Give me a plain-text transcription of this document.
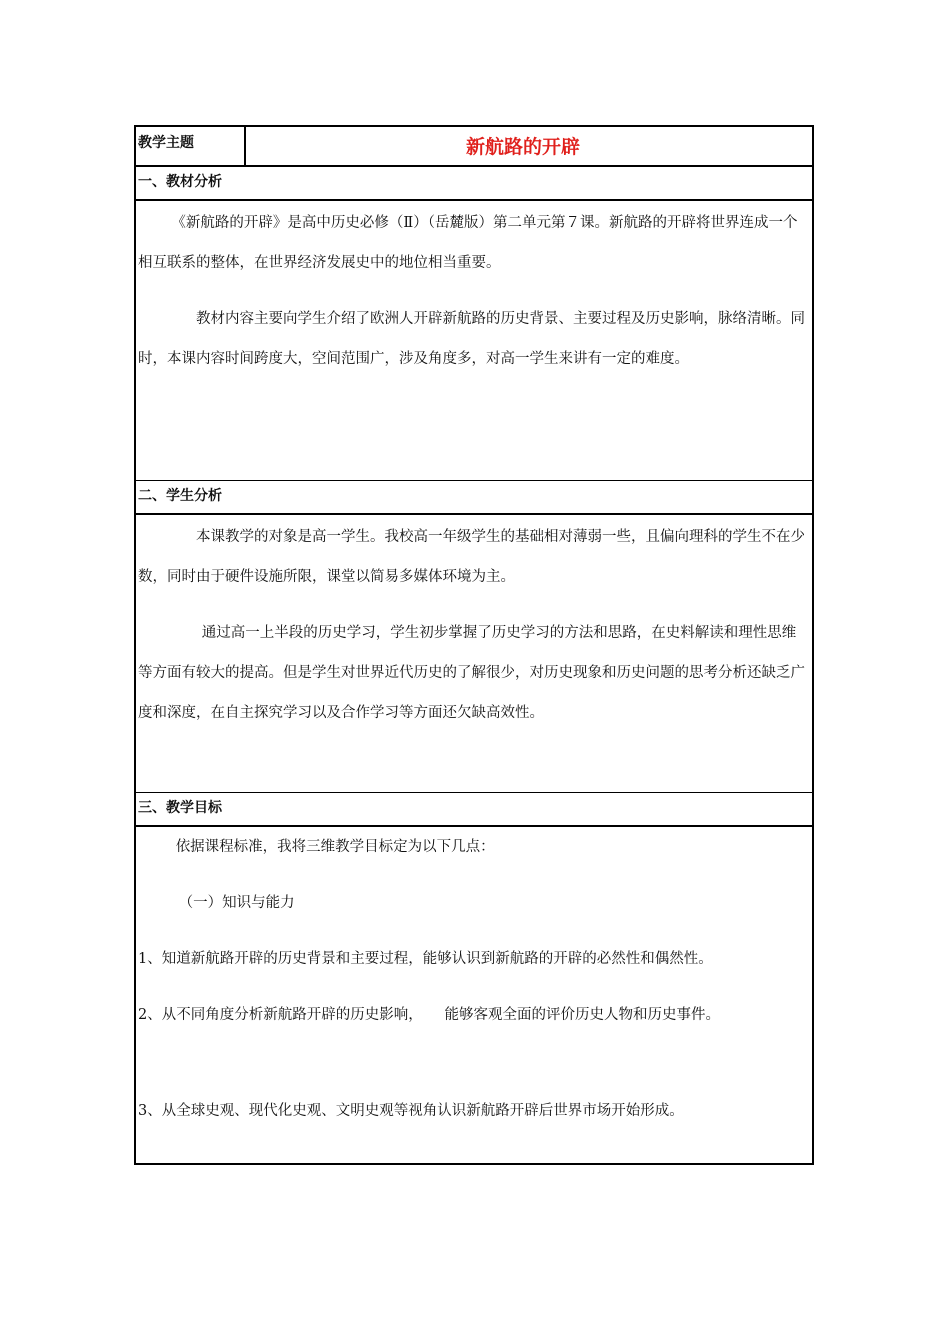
教学主题	新航路的开辟
一、教材分析

《新航路的开辟》是高中历史必修（Ⅱ）（岳麓版）第二单元第７课。新航路的开辟将世界连成一个相互联系的整体，在世界经济发展史中的地位相当重要。

教材内容主要向学生介绍了欧洲人开辟新航路的历史背景、主要过程及历史影响，脉络清晰。同时，本课内容时间跨度大，空间范围广，涉及角度多，对高一学生来讲有一定的难度。

二、学生分析

本课教学的对象是高一学生。我校高一年级学生的基础相对薄弱一些，且偏向理科的学生不在少数，同时由于硬件设施所限，课堂以简易多媒体环境为主。

通过高一上半段的历史学习，学生初步掌握了历史学习的方法和思路，在史料解读和理性思维等方面有较大的提高。但是学生对世界近代历史的了解很少，对历史现象和历史问题的思考分析还缺乏广度和深度，在自主探究学习以及合作学习等方面还欠缺高效性。

三、教学目标

依据课程标准，我将三维教学目标定为以下几点：

（一）知识与能力

1、知道新航路开辟的历史背景和主要过程，能够认识到新航路的开辟的必然性和偶然性。

2、从不同角度分析新航路开辟的历史影响，　　能够客观全面的评价历史人物和历史事件。

3、从全球史观、现代化史观、文明史观等视角认识新航路开辟后世界市场开始形成。
